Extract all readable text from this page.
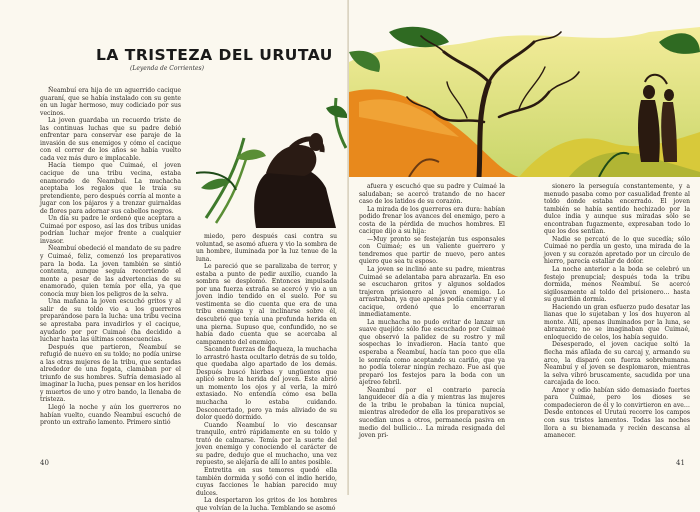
LA TRISTEZA DEL URUTAU
(Leyenda de Corrientes)

Ñeambuí era hija de un aguerrido cacique guaraní, que se había instalado con su gente en un lugar hermoso, muy codiciado por sus vecinos.

La joven guardaba un recuerdo triste de las continuas luchas que su padre debió enfrentar para conservar ese paraje de la invasión de sus enemigos y cómo el cacique con el correr de los años se había vuelto cada vez más duro e implacable.

Hacía tiempo que Cuimaé, el joven cacique de una tribu vecina, estaba enamorado de Ñeambuí. La muchacha aceptaba los regalos que le traía su pretendiente, pero después corría al monte a jugar con los pájaros y a trenzar guirnaldas de flores para adornar sus cabellos negros.

Un día su padre le ordenó que aceptara a Cuimaé por esposo, así las dos tribus unidas podrían luchar mejor frente a cualquier invasor.

Ñeambuí obedeció el mandato de su padre y Cuimaé, feliz, comenzó los preparativos para la boda. La joven también se sintió contenta, aunque seguía recorriendo el monte a pesar de las advertencias de su enamorado, quien temía por ella, ya que conocía muy bien los peligros de la selva.

Una mañana la joven escuchó gritos y al salir de su toldo vio a los guerreros preparándose para la lucha: una tribu vecina se aprestaba para invadirlos y el cacique, ayudado por por Cuimaé (ha decidido a luchar hasta las últimas consecuencias.

Después que partieron, Ñeambuí se refugió de nuevo en su toldo; no podía unirse a las otras mujeres de la tribu, que sentadas alrededor de una fogata, clamaban por el triunfo de sus hombres. Sufría demasiado al imaginar la lucha, pues pensar en los heridos y muertos de uno y otro bando, la llenaba de tristeza.

Llegó la noche y aún los guerreros no habían vuelto, cuando Ñeambuí escuchó de pronto un extraño lamento. Primero sintió

miedo, pero después casi contra su voluntad, se asomó afuera y vio la sombra de un hombre, iluminada por la luz tenue de la luna.

Le pareció que se paralizaba de terror, y estaba a punto de pedir auxilio, cuando la sombra se desplomó. Entonces impulsada por una fuerza extraña se acercó y vio a un joven indio tendido en el suelo. Por su vestimenta se dio cuenta que era de una tribu enemiga y al inclinarse sobre él, descubrió que tenía una profunda herida en una pierna. Supuso que, confundido, no se había dado cuenta que se acercaba al campamento del enemigo.

Sacando fuerzas de flaqueza, la muchacha lo arrastró hasta ocultarlo detrás de su toldo, que quedaba algo apartado de los demás. Después buscó hierbas y ungüentos que aplicó sobre la herida del joven. Este abrió un momento los ojos y al verla, la miró extasiado. No entendía cómo esa bella muchacha lo estaba cuidando. Desconcertado, pero ya más aliviado de su dolor quedó dormido.

Cuando Ñeambuí lo vio descansar tranquilo, entró rápidamente en su toldo y trató de calmarse. Temía por la suerte del joven enemigo y conociendo el carácter de su padre, dedujo que el muchacho, una vez repuesto, se alejaría de allí lo antes posible.

Entretita en sus temores quedó ella también dormida y soñó con el indio herido, cuyas facciones le habían parecido muy dulces.

La despertaron los gritos de los hombres que volvían de la lucha. Temblando se asomó

40

afuera y escuchó que su padre y Cuimaé la saludaban; se acercó tratando de no hacer caso de los latidos de su corazón.

La mirada de los guerreros era dura: habían podido frenar los avances del enemigo, pero a costa de la pérdida de muchos hombres. El cacique dijo a su hija:

—Muy pronto se festejarán tus esponsales con Cuimaé; es un valiente guerrero y tendremos que partir de nuevo, pero antes quiero que sea tu esposo.

La joven se inclinó ante su padre, mientras Cuimaé se adelantaba para abrazarla. En eso se escucharon gritos y algunos soldados trajeron prisionero al joven enemigo. Lo arrastraban, ya que apenas podía caminar y el cacique, ordenó que lo encerraran inmediatamente.

La muchacha no pudo evitar de lanzar un suave quejido: sólo fue escuchado por Cuimaé que observó la palidez de su rostro y mil sospechas lo invadieron. Hacía tanto que esperaba a Ñeambuí, hacía tan poco que ella le sonreía como aceptando su cariño, que ya no podía tolerar ningún rechazo. Fue así que preparó los festejos para la boda con un ajetreo febril.

Ñeambuí por el contrario parecía languidecer día a día y mientras las mujeres de la tribu le probaban la túnica nupcial, mientras alrededor de ella los preparativos se sucedían unos a otros, permanecía pasiva en medio del bullicio… La mirada resignada del joven pri-

sionero la perseguía constantemente, y a menudo pasaba como por casualidad frente al toldo donde estaba encerrado. El joven también se había sentido hechizado por la dulce india y aunque sus miradas sólo se encontraban fugazmente, expresaban todo lo que los dos sentían.

Nadie se percató de lo que sucedía; sólo Cuimaé no perdía un gesto, una mirada de la joven y su corazón apretado por un círculo de hierro, parecía estallar de dolor.

La noche anterior a la boda se celebró un festejo prenupcial; después toda la tribu dormida, menos Ñeambuí. Se acercó sigilosamente al toldo del prisionero… hasta su guardián dormía.

Haciendo un gran esfuerzo pudo desatar las lianas que lo sujetaban y los dos huyeron al monte. Allí, apenas iluminados por la luna, se abrazaron; no se imaginaban que Cuimaé, enloquecido de celos, los había seguido.

Desesperado, el joven cacique soltó la flecha más afilada de su carcaj y, armando su arco, la disparó con fuerza sobrehumana. Ñeambuí y el joven se desplomaron, mientras la selva vibró bruscamente, sacudida por una carcajada de loco.

Amor y odio habían sido demasiado fuertes para Cuimaé, pero los dioses se compadecieron de él y lo convirtieron en ave… Desde entonces el Urutaú recorre los campos con sus tristes lamentos. Todas las noches llora a su bienamada y recién descansa al amanecer.

41
